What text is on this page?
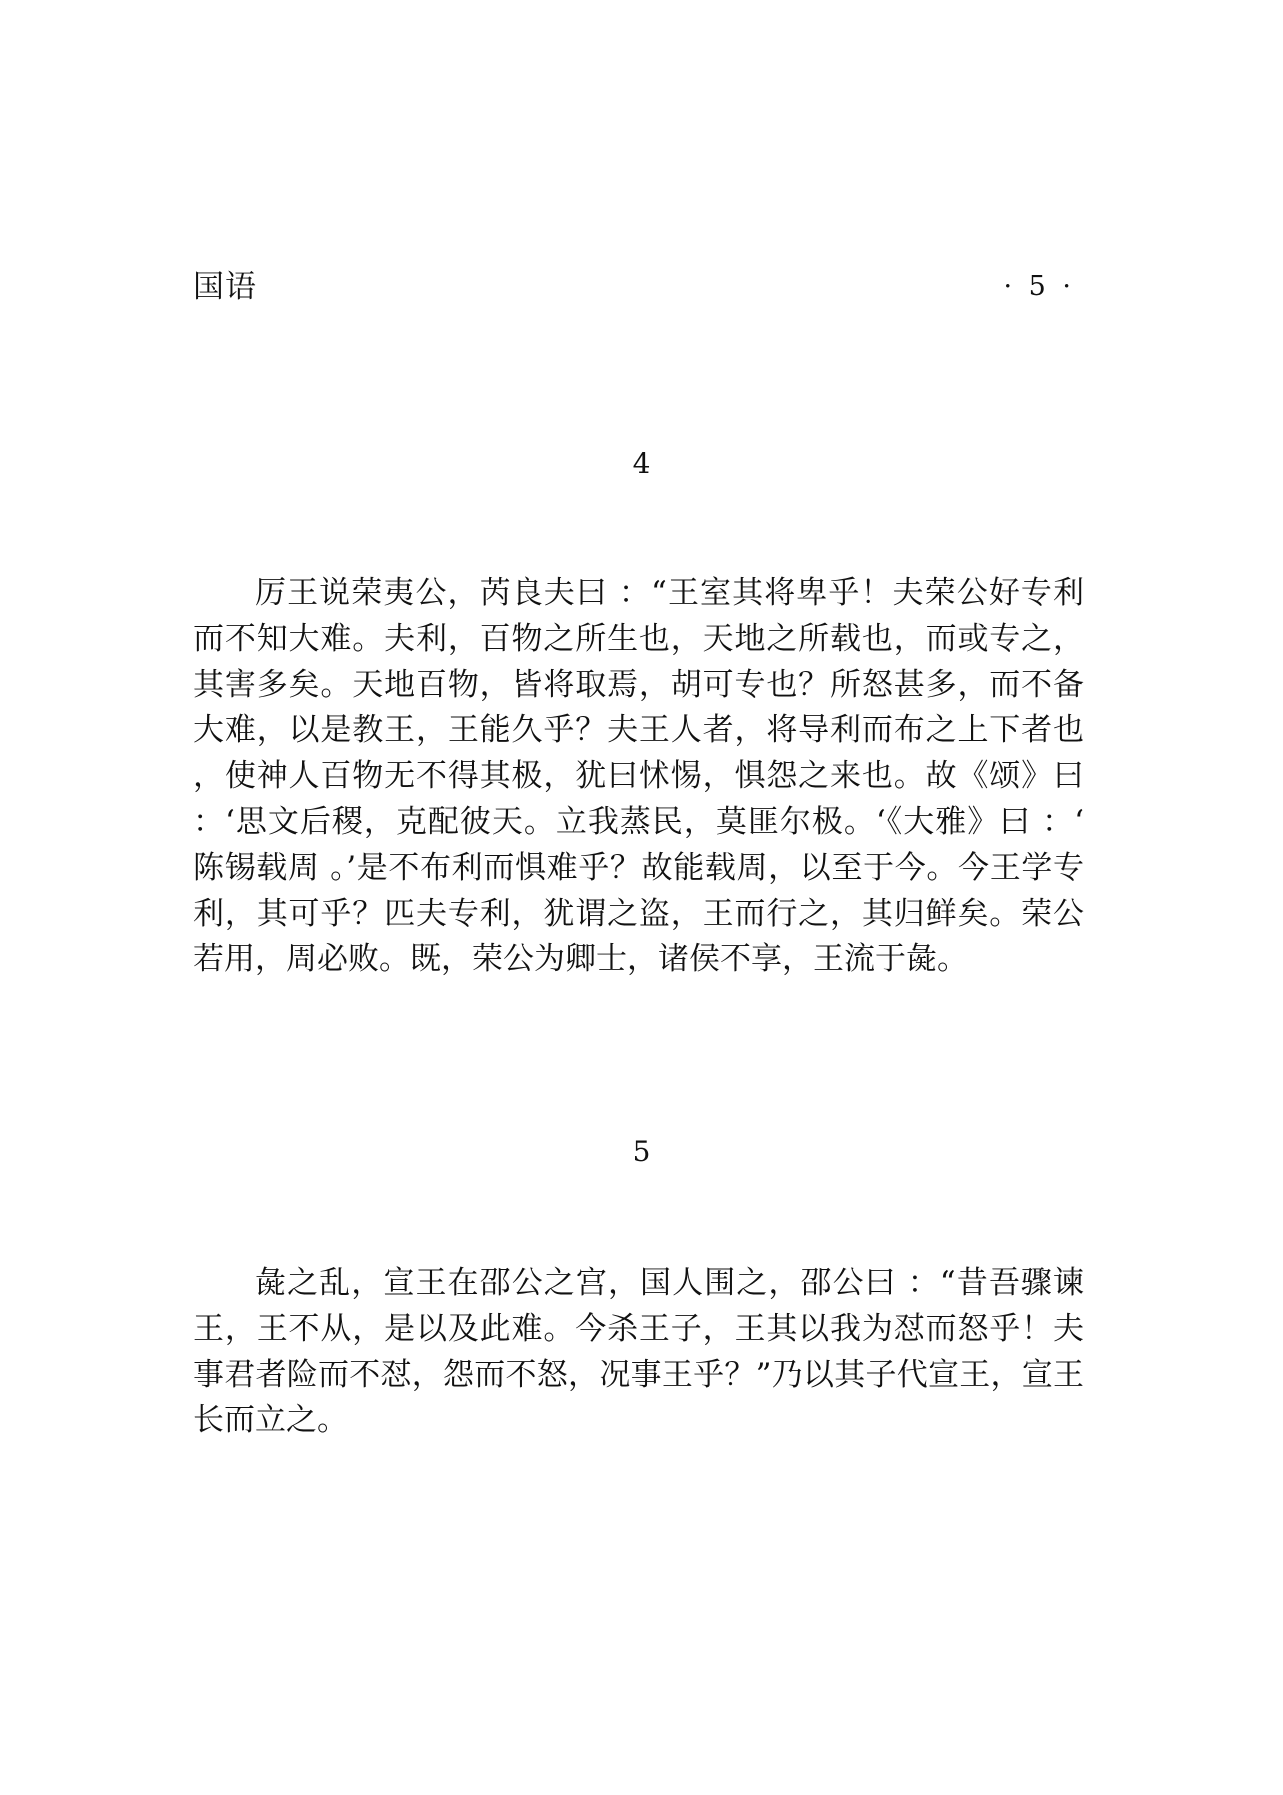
国语	· 5 ·
4

厉王说荣夷公，芮良夫曰 ：“王室其将卑乎！夫荣公好专利而不知大难。夫利，百物之所生也，天地之所载也，而或专之，其害多矣。天地百物，皆将取焉，胡可专也？所怒甚多，而不备大难，以是教王，王能久乎？夫王人者，将导利而布之上下者也，使神人百物无不得其极，犹曰怵惕，惧怨之来也。故《颂》曰 ：‘思文后稷，克配彼天。立我蒸民，莫匪尔极。‘《大雅》曰 ：‘陈锡载周 。’是不布利而惧难乎？故能载周，以至于今。今王学专利，其可乎？匹夫专利，犹谓之盗，王而行之，其归鲜矣。荣公若用，周必败。既，荣公为卿士，诸侯不享，王流于彘。

5

彘之乱，宣王在邵公之宫，国人围之，邵公曰 ：“昔吾骤谏王，王不从，是以及此难。今杀王子，王其以我为怼而怒乎！夫事君者险而不怼，怨而不怒，况事王乎？”乃以其子代宣王，宣王长而立之。
